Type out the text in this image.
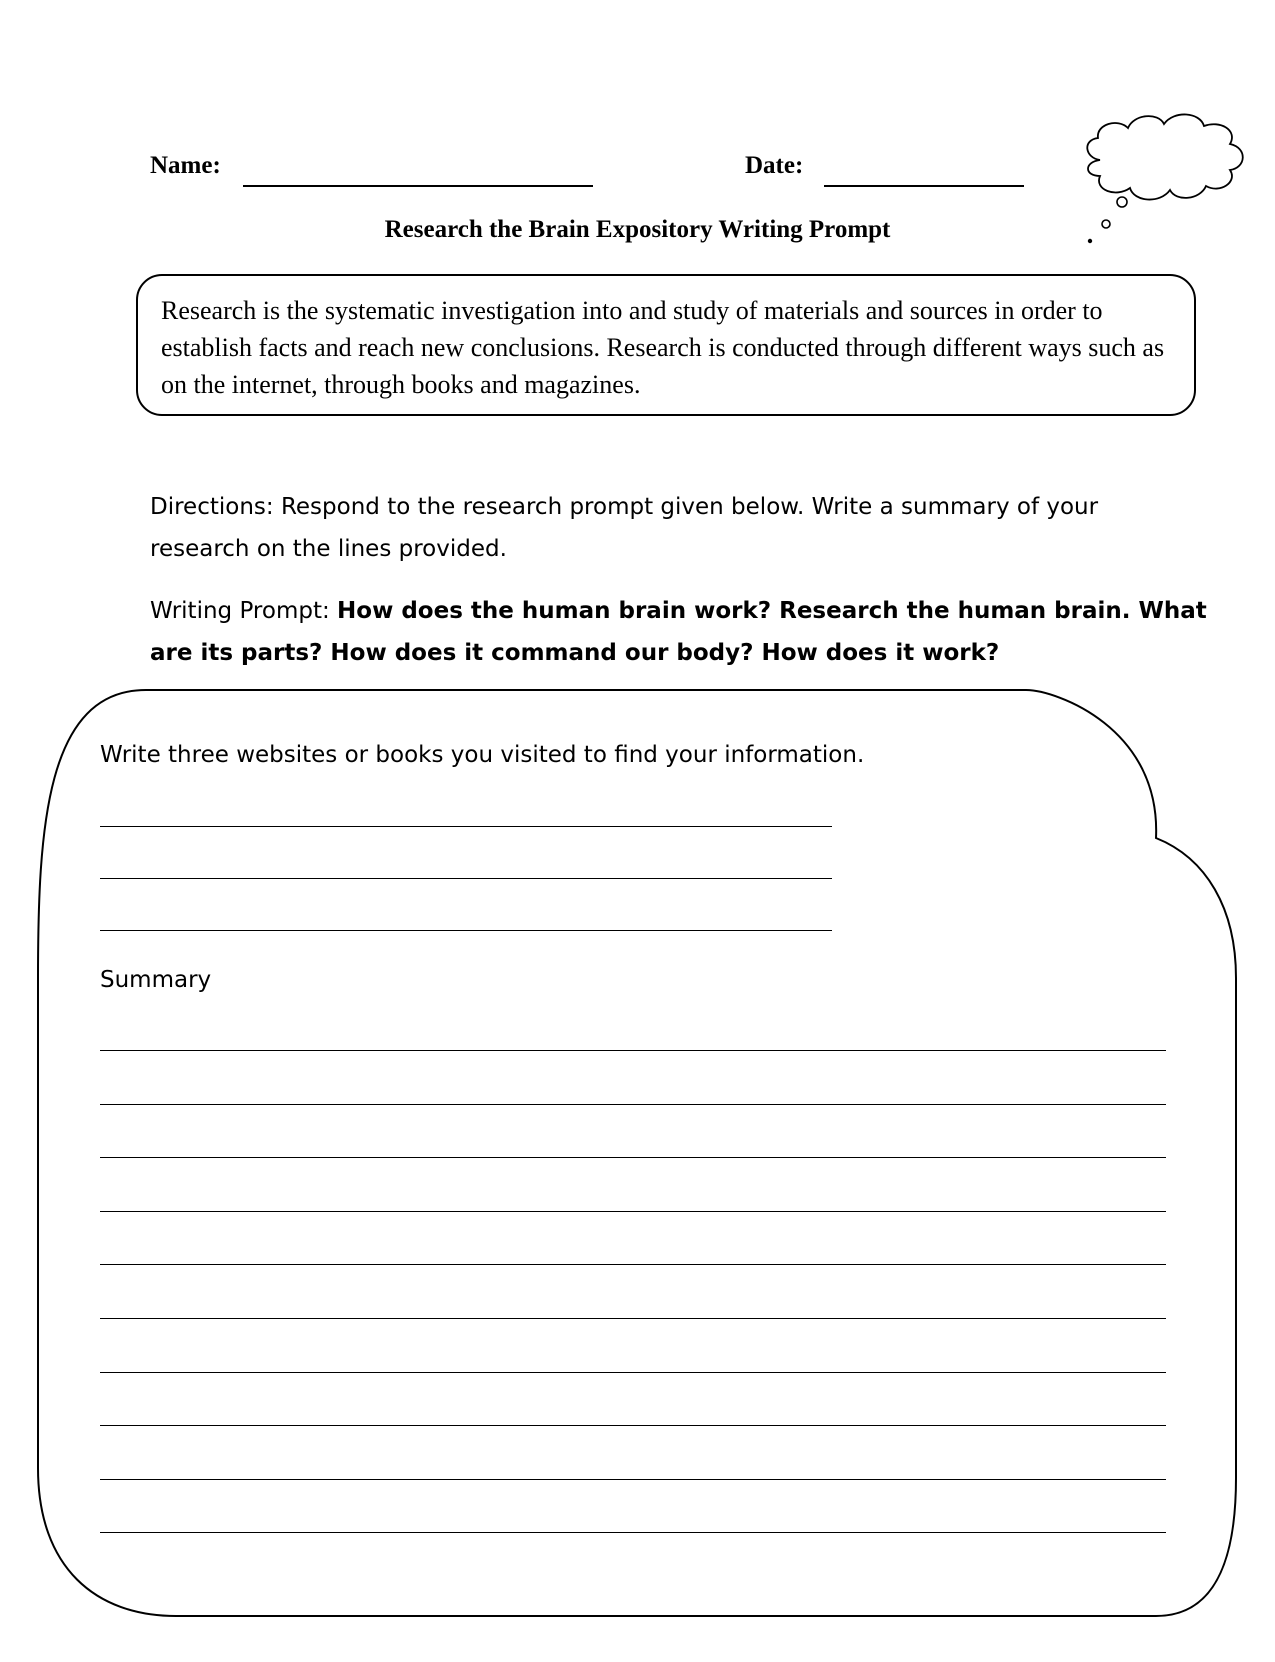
Name:	Date:
Research the Brain Expository Writing Prompt

Research is the systematic investigation into and study of materials and sources in order to establish facts and reach new conclusions. Research is conducted through different ways such as on the internet, through books and magazines.

Directions: Respond to the research prompt given below. Write a summary of your research on the lines provided.

Writing Prompt: How does the human brain work? Research the human brain. What are its parts? How does it command our body? How does it work?

Write three websites or books you visited to find your information.

Summary
